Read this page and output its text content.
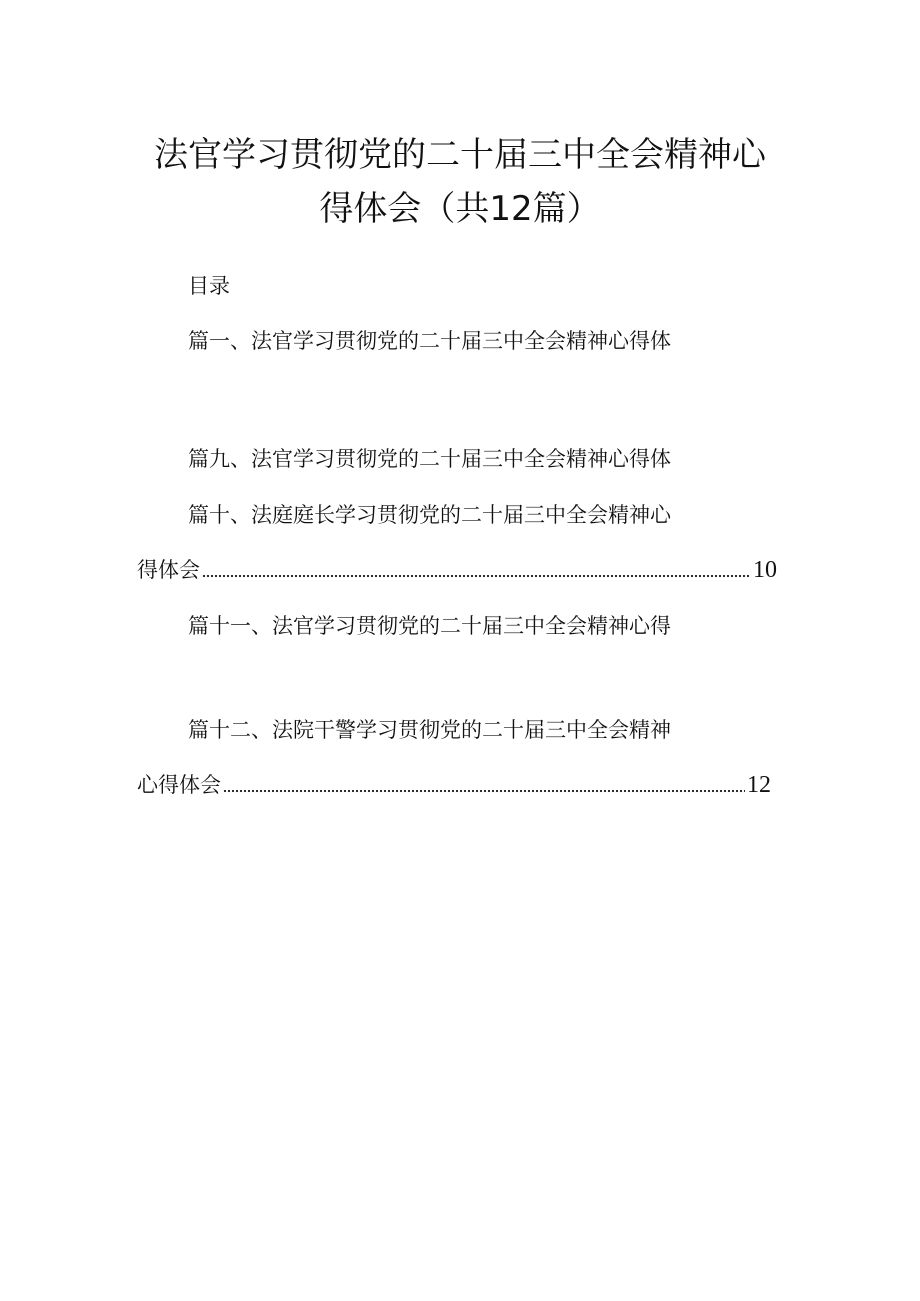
法官学习贯彻党的二十届三中全会精神心
得体会（共12篇）
目录
篇一、法官学习贯彻党的二十届三中全会精神心得体
篇九、法官学习贯彻党的二十届三中全会精神心得体
篇十、法庭庭长学习贯彻党的二十届三中全会精神心
得体会	10
篇十一、法官学习贯彻党的二十届三中全会精神心得
篇十二、法院干警学习贯彻党的二十届三中全会精神
心得体会	12
